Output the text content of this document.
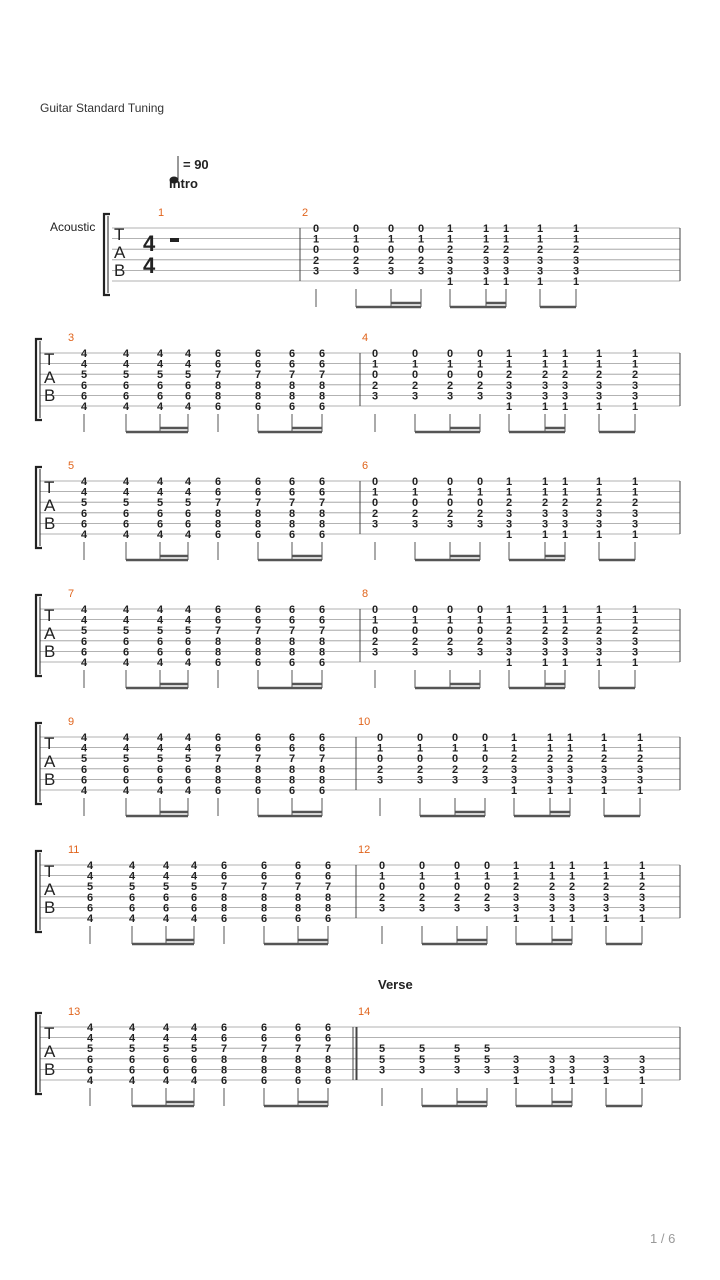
Guitar Standard Tuning
1 / 6
= 90
Intro
Acoustic
Verse
T
A
B
1
4
4
2
0
1
0
2
3
0
1
0
2
3
0
1
0
2
3
0
1
0
2
3
1
1
2
3
3
1
1
1
2
3
3
1
1
1
2
3
3
1
1
1
2
3
3
1
1
1
2
3
3
1
T
A
B
3
4
4
5
6
6
4
4
4
5
6
6
4
4
4
5
6
6
4
4
4
5
6
6
4
6
6
7
8
8
6
6
6
7
8
8
6
6
6
7
8
8
6
6
6
7
8
8
6
4
0
1
0
2
3
0
1
0
2
3
0
1
0
2
3
0
1
0
2
3
1
1
2
3
3
1
1
1
2
3
3
1
1
1
2
3
3
1
1
1
2
3
3
1
1
1
2
3
3
1
T
A
B
5
4
4
5
6
6
4
4
4
5
6
6
4
4
4
5
6
6
4
4
4
5
6
6
4
6
6
7
8
8
6
6
6
7
8
8
6
6
6
7
8
8
6
6
6
7
8
8
6
6
0
1
0
2
3
0
1
0
2
3
0
1
0
2
3
0
1
0
2
3
1
1
2
3
3
1
1
1
2
3
3
1
1
1
2
3
3
1
1
1
2
3
3
1
1
1
2
3
3
1
T
A
B
7
4
4
5
6
6
4
4
4
5
6
6
4
4
4
5
6
6
4
4
4
5
6
6
4
6
6
7
8
8
6
6
6
7
8
8
6
6
6
7
8
8
6
6
6
7
8
8
6
8
0
1
0
2
3
0
1
0
2
3
0
1
0
2
3
0
1
0
2
3
1
1
2
3
3
1
1
1
2
3
3
1
1
1
2
3
3
1
1
1
2
3
3
1
1
1
2
3
3
1
T
A
B
9
4
4
5
6
6
4
4
4
5
6
6
4
4
4
5
6
6
4
4
4
5
6
6
4
6
6
7
8
8
6
6
6
7
8
8
6
6
6
7
8
8
6
6
6
7
8
8
6
10
0
1
0
2
3
0
1
0
2
3
0
1
0
2
3
0
1
0
2
3
1
1
2
3
3
1
1
1
2
3
3
1
1
1
2
3
3
1
1
1
2
3
3
1
1
1
2
3
3
1
T
A
B
11
4
4
5
6
6
4
4
4
5
6
6
4
4
4
5
6
6
4
4
4
5
6
6
4
6
6
7
8
8
6
6
6
7
8
8
6
6
6
7
8
8
6
6
6
7
8
8
6
12
0
1
0
2
3
0
1
0
2
3
0
1
0
2
3
0
1
0
2
3
1
1
2
3
3
1
1
1
2
3
3
1
1
1
2
3
3
1
1
1
2
3
3
1
1
1
2
3
3
1
T
A
B
13
4
4
5
6
6
4
4
4
5
6
6
4
4
4
5
6
6
4
4
4
5
6
6
4
6
6
7
8
8
6
6
6
7
8
8
6
6
6
7
8
8
6
6
6
7
8
8
6
14
5
5
3
5
5
3
5
5
3
5
5
3
3
3
1
3
3
1
3
3
1
3
3
1
3
3
1
